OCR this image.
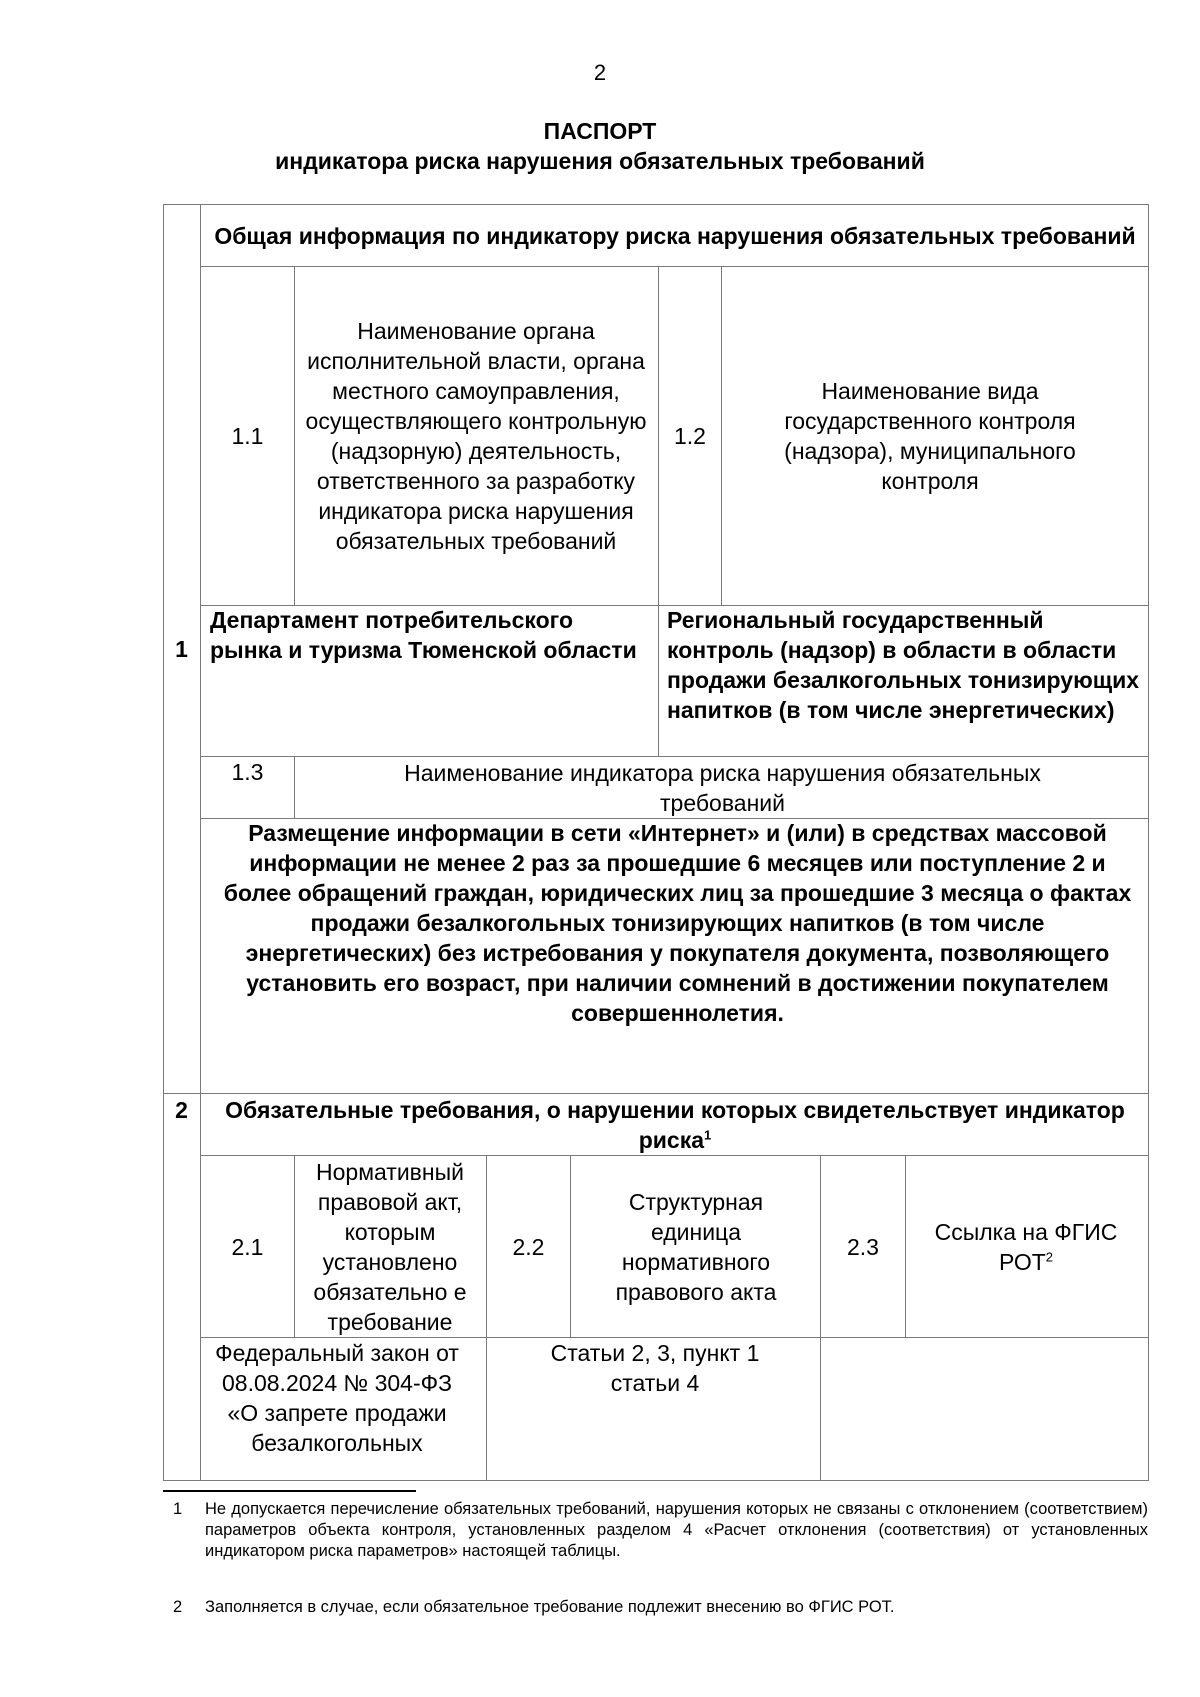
2
ПАСПОРТ
индикатора риска нарушения обязательных требований
1
2
Общая информация по индикатору риска нарушения обязательных требований
1.1
Наименование органа исполнительной власти, органа местного самоуправления, осуществляющего контрольную (надзорную) деятельность, ответственного за разработку индикатора риска нарушения обязательных требований
1.2
Наименование вида государственного контроля (надзора), муниципального контроля
Департамент потребительского рынка и туризма Тюменской области
Региональный государственный контроль (надзор) в области в области продажи безалкогольных тонизирующих напитков (в том числе энергетических)
1.3	Наименование индикатора риска нарушения обязательных требований
Размещение информации в сети «Интернет» и (или) в средствах массовой информации не менее 2 раз за прошедшие 6 месяцев или поступление 2 и более обращений граждан, юридических лиц за прошедшие 3 месяца о фактах продажи безалкогольных тонизирующих напитков (в том числе энергетических) без истребования у покупателя документа, позволяющего установить его возраст, при наличии сомнений в достижении покупателем совершеннолетия.
Обязательные требования, о нарушении которых свидетельствует индикатор риска$^1$
2.1
Нормативный правовой акт, которым установлено обязательно е требование
2.2
Структурная единица нормативного правового акта
2.3
Ссылка на ФГИС РОТ$^2$
Федеральный закон от 08.08.2024 № 304-ФЗ «О запрете продажи безалкогольных
Статьи 2, 3, пункт 1 статьи 4
1 Не допускается перечисление обязательных требований, нарушения которых не связаны с отклонением (соответствием) параметров объекта контроля, установленных разделом 4 «Расчет отклонения (соответствия) от установленных индикатором риска параметров» настоящей таблицы.
2 Заполняется в случае, если обязательное требование подлежит внесению во ФГИС РОТ.
